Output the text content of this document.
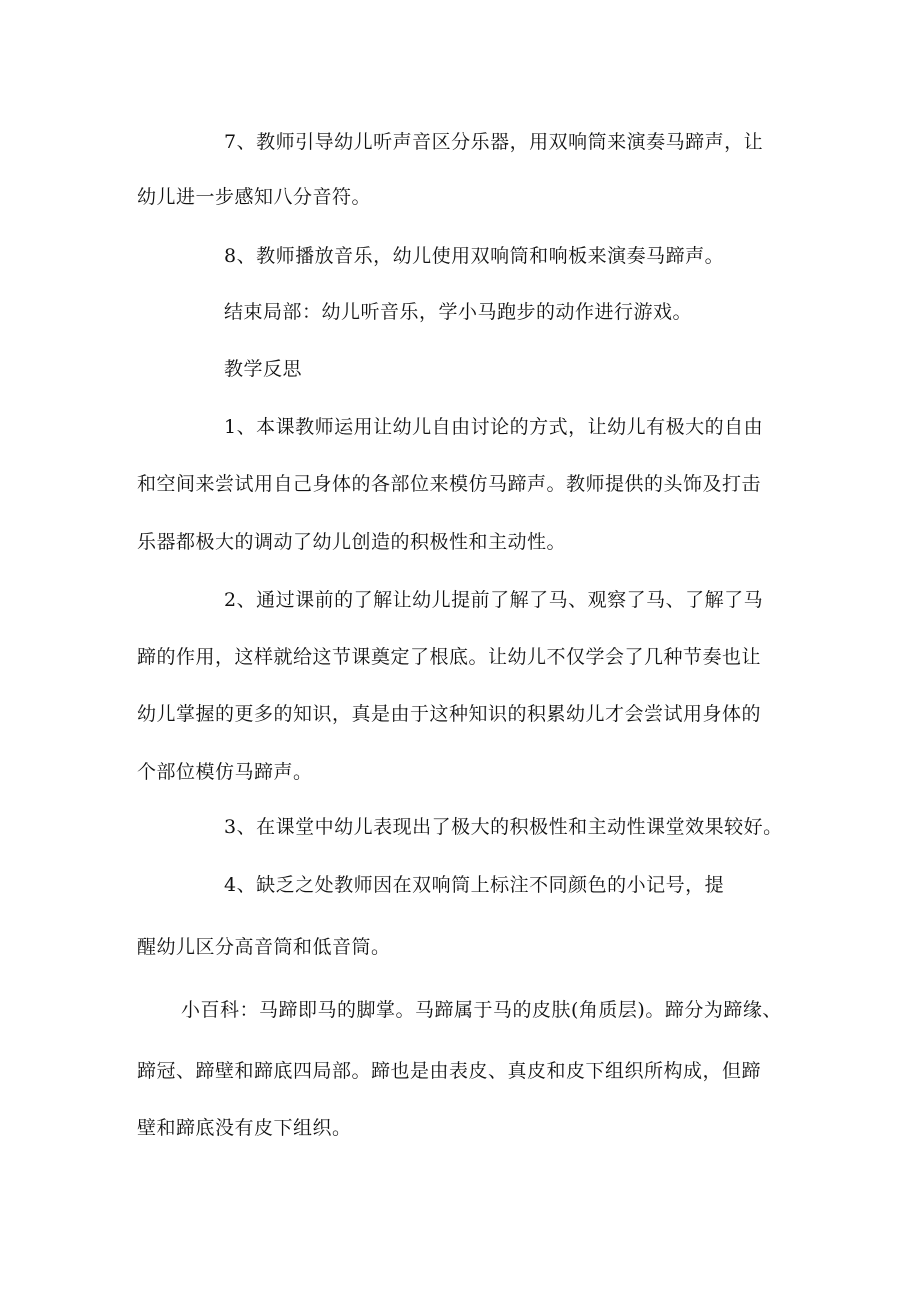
7、教师引导幼儿听声音区分乐器，用双响筒来演奏马蹄声，让
幼儿进一步感知八分音符。
8、教师播放音乐，幼儿使用双响筒和响板来演奏马蹄声。
结束局部：幼儿听音乐，学小马跑步的动作进行游戏。
教学反思
1、本课教师运用让幼儿自由讨论的方式，让幼儿有极大的自由
和空间来尝试用自己身体的各部位来模仿马蹄声。教师提供的头饰及打击
乐器都极大的调动了幼儿创造的积极性和主动性。
2、通过课前的了解让幼儿提前了解了马、观察了马、了解了马
蹄的作用，这样就给这节课奠定了根底。让幼儿不仅学会了几种节奏也让
幼儿掌握的更多的知识，真是由于这种知识的积累幼儿才会尝试用身体的
个部位模仿马蹄声。
3、在课堂中幼儿表现出了极大的积极性和主动性课堂效果较好。
4、缺乏之处教师因在双响筒上标注不同颜色的小记号，提
醒幼儿区分高音筒和低音筒。
小百科：马蹄即马的脚掌。马蹄属于马的皮肤(角质层)。蹄分为蹄缘、
蹄冠、蹄壁和蹄底四局部。蹄也是由表皮、真皮和皮下组织所构成，但蹄
壁和蹄底没有皮下组织。
